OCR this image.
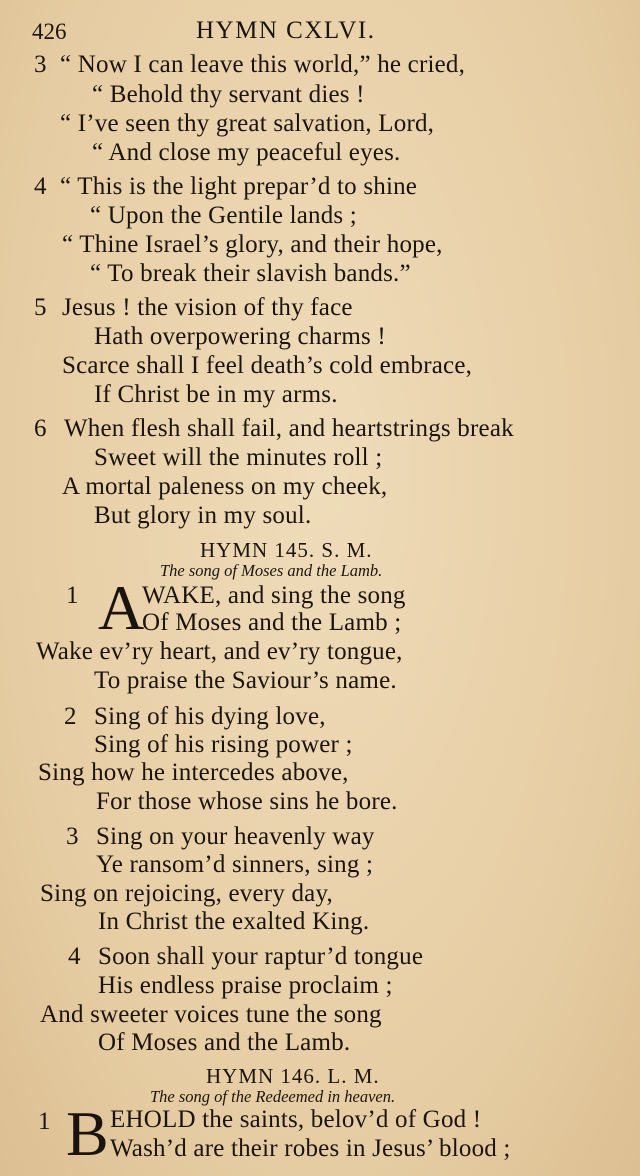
426	HYMN CXLVI.
3 “ Now I can leave this world,” he cried,
“ Behold thy servant dies !
“ I’ve seen thy great salvation, Lord,
“ And close my peaceful eyes.
4 “ This is the light prepar’d to shine
“ Upon the Gentile lands ;
“ Thine Israel’s glory, and their hope,
“ To break their slavish bands.”
5 Jesus ! the vision of thy face
Hath overpowering charms !
Scarce shall I feel death’s cold embrace,
If Christ be in my arms.
6 When flesh shall fail, and heartstrings break
Sweet will the minutes roll ;
A mortal paleness on my cheek,
But glory in my soul.
HYMN 145. S. M.
The song of Moses and the Lamb.
1 A
WAKE, and sing the song
Of Moses and the Lamb ;
Wake ev’ry heart, and ev’ry tongue,
To praise the Saviour’s name.
2 Sing of his dying love,
Sing of his rising power ;
Sing how he intercedes above,
For those whose sins he bore.
3 Sing on your heavenly way
Ye ransom’d sinners, sing ;
Sing on rejoicing, every day,
In Christ the exalted King.
4 Soon shall your raptur’d tongue
His endless praise proclaim ;
And sweeter voices tune the song
Of Moses and the Lamb.
HYMN 146. L. M.
The song of the Redeemed in heaven.
1 B EHOLD the saints, belov’d of God !
Wash’d are their robes in Jesus’ blood ;
